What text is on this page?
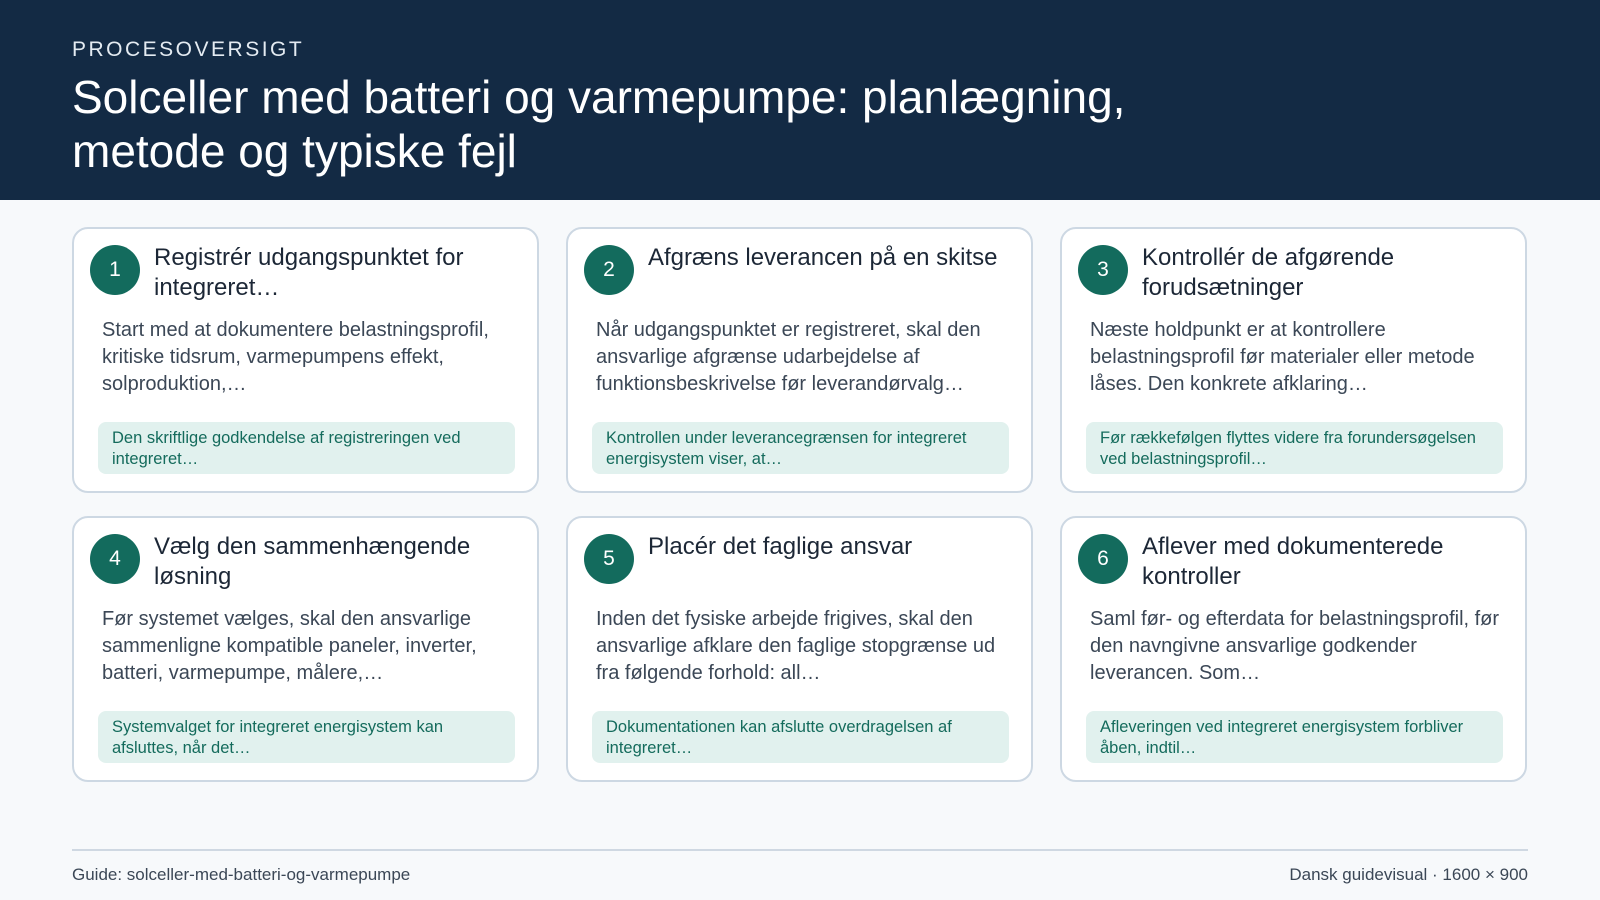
PROCESOVERSIGT
Solceller med batteri og varmepumpe: planlægning, metode og typiske fejl
1	Registrér udgangspunktet for integreret…
Start med at dokumentere belastningsprofil, kritiske tidsrum, varmepumpens effekt, solproduktion,…
Den skriftlige godkendelse af registreringen ved integreret…
2	Afgræns leverancen på en skitse
Når udgangspunktet er registreret, skal den ansvarlige afgrænse udarbejdelse af funktionsbeskrivelse før leverandørvalg…
Kontrollen under leverancegrænsen for integreret energisystem viser, at…
3	Kontrollér de afgørende forudsætninger
Næste holdpunkt er at kontrollere belastningsprofil før materialer eller metode låses. Den konkrete afklaring…
Før rækkefølgen flyttes videre fra forundersøgelsen ved belastningsprofil…
4	Vælg den sammenhængende løsning
Før systemet vælges, skal den ansvarlige sammenligne kompatible paneler, inverter, batteri, varmepumpe, målere,…
Systemvalget for integreret energisystem kan afsluttes, når det…
5	Placér det faglige ansvar
Inden det fysiske arbejde frigives, skal den ansvarlige afklare den faglige stopgrænse ud fra følgende forhold: all…
Dokumentationen kan afslutte overdragelsen af integreret…
6	Aflever med dokumenterede kontroller
Saml før- og efterdata for belastningsprofil, før den navngivne ansvarlige godkender leverancen. Som…
Afleveringen ved integreret energisystem forbliver åben, indtil…
Guide: solceller-med-batteri-og-varmepumpe	Dansk guidevisual · 1600 × 900
